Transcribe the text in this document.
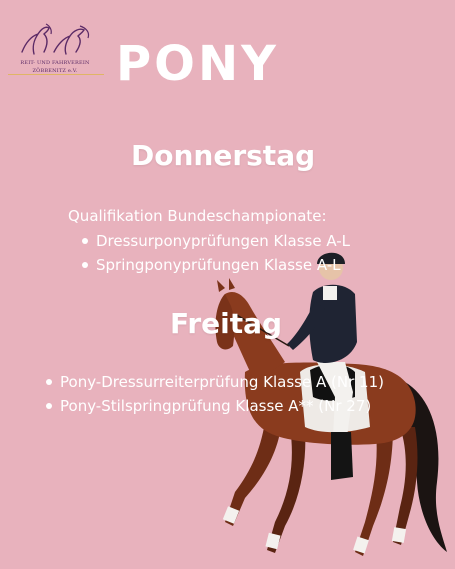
REIT- UND FAHRVEREIN
ZÖBBENITZ e.V. PONY
Donnerstag
Qualifikation Bundeschampionate:
Dressurponyprüfungen Klasse A-L
Springponyprüfungen Klasse A-L
Freitag
Pony-Dressurreiterprüfung Klasse A (Nr 11)
Pony-Stilspringprüfung Klasse A** (Nr 27)
